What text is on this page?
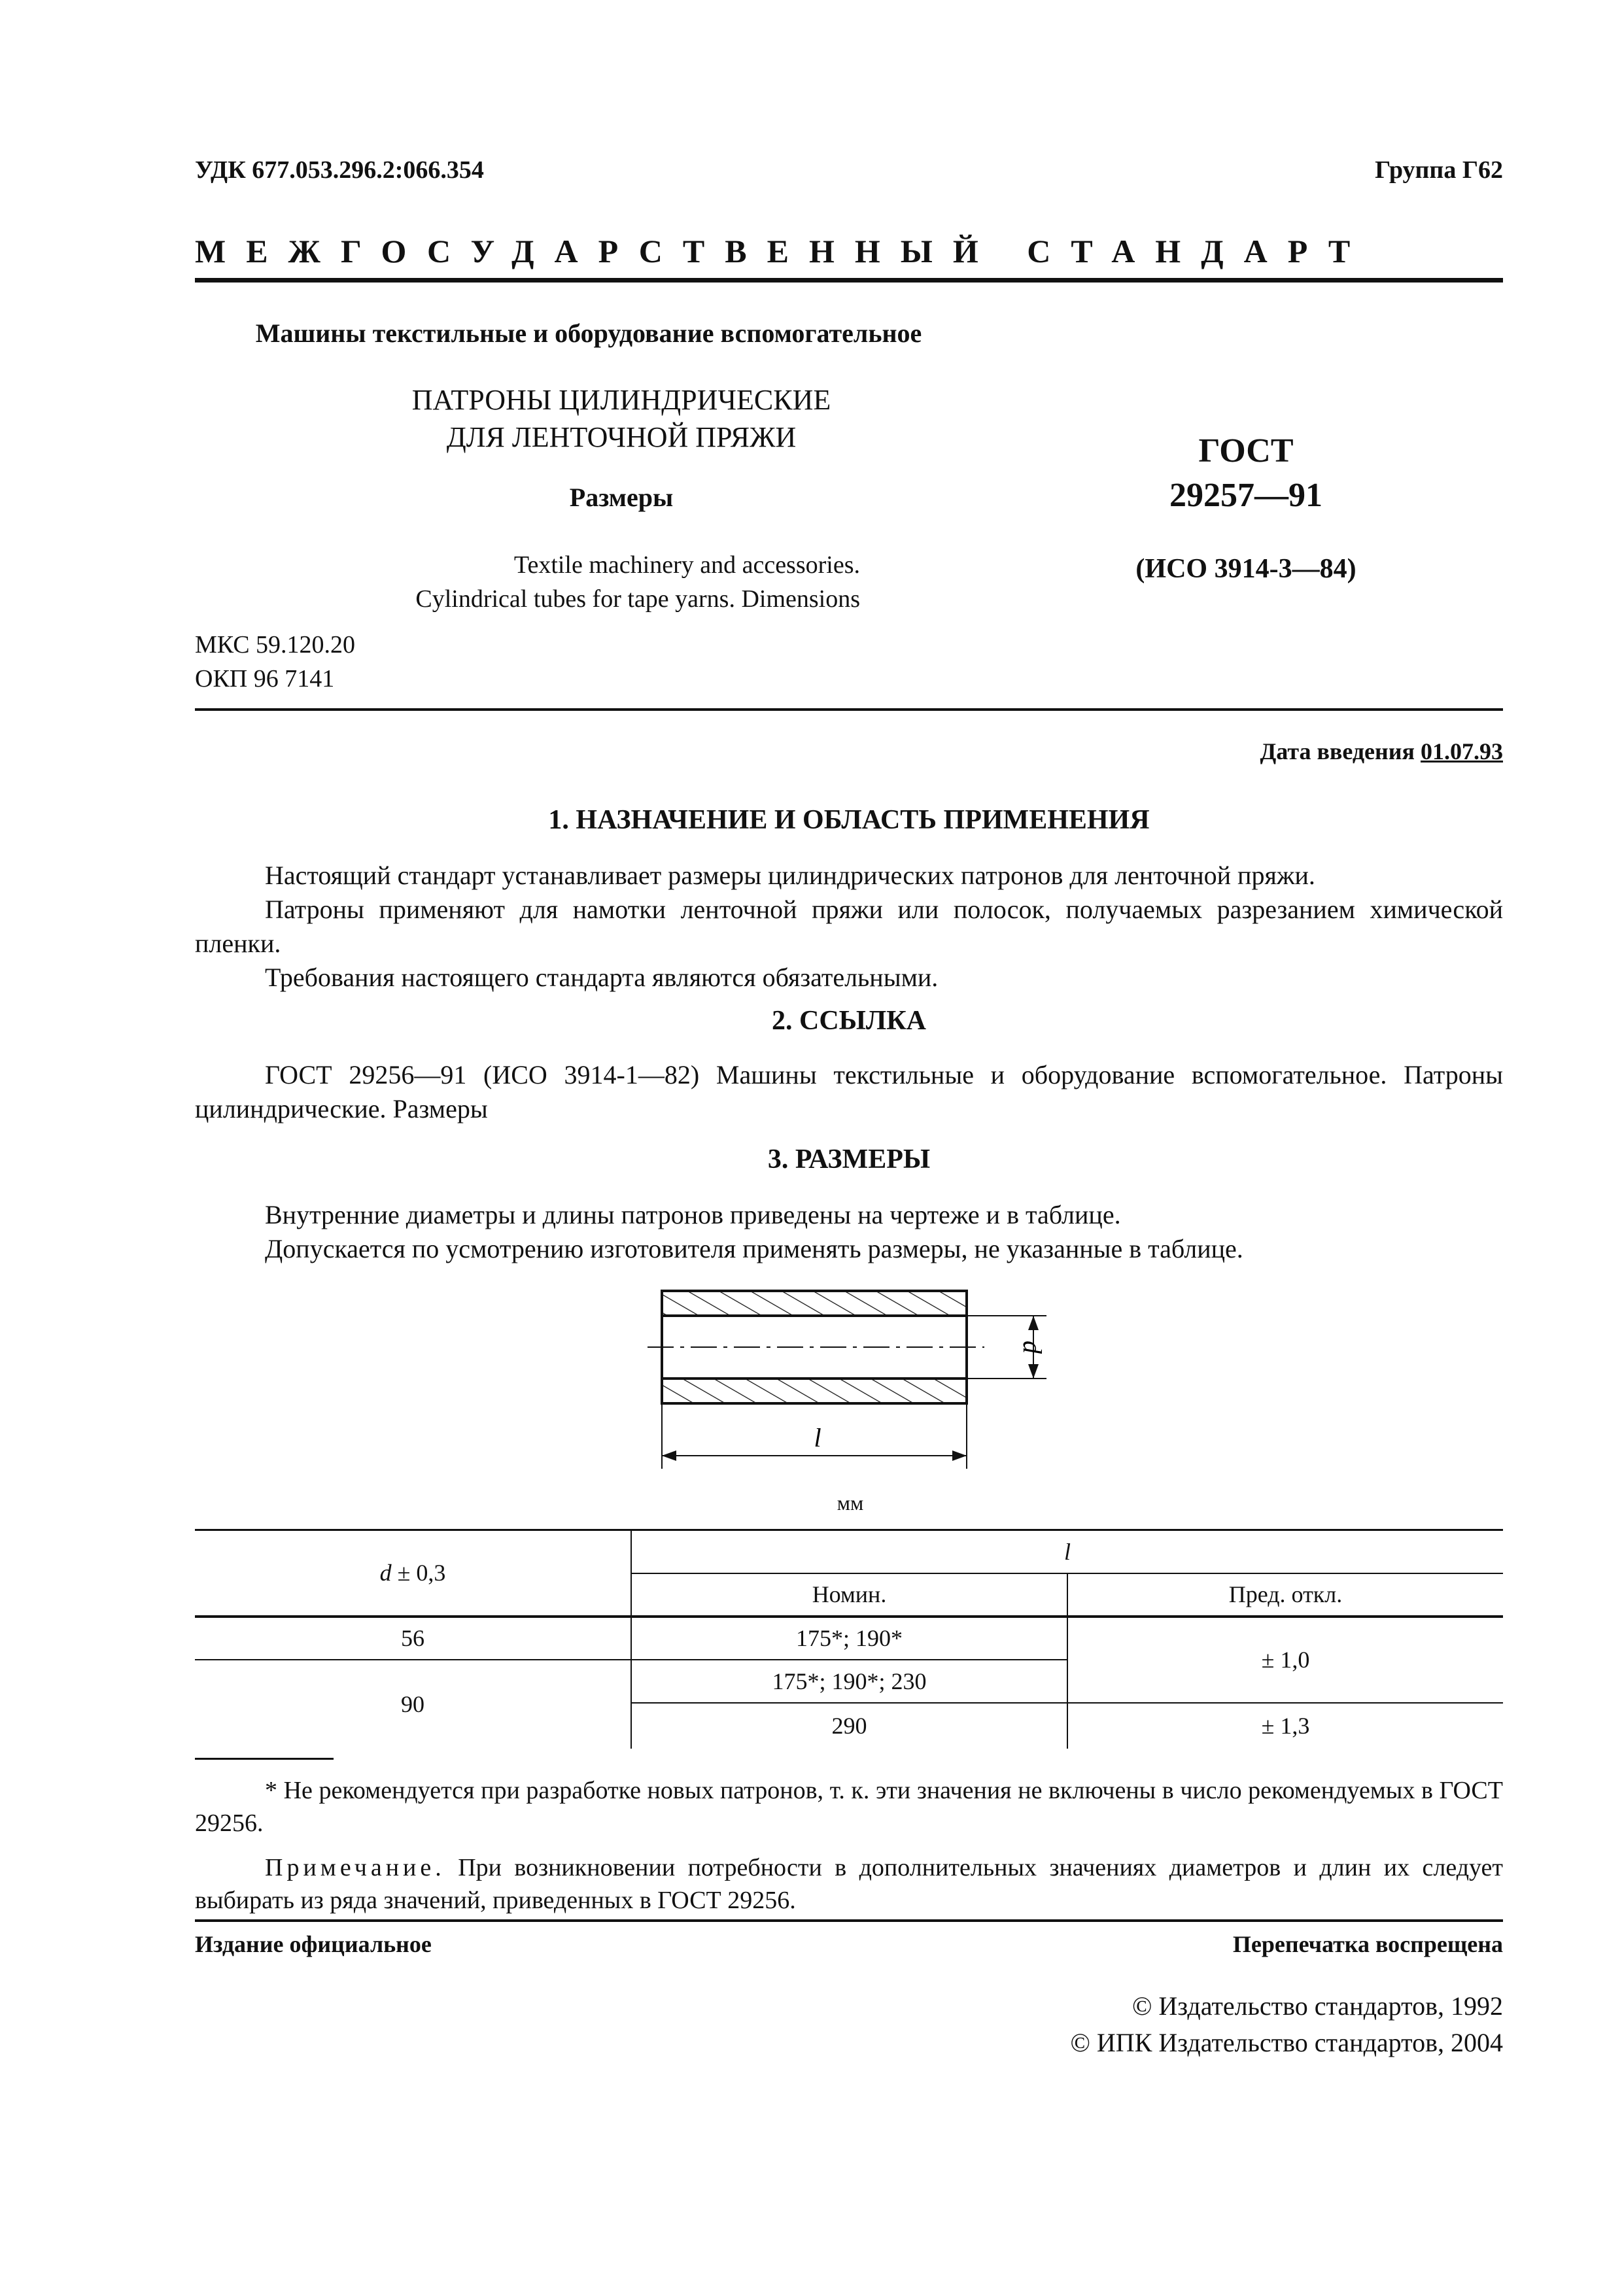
УДК 677.053.296.2:066.354	Группа Г62
МЕЖГОСУДАРСТВЕННЫЙ СТАНДАРТ
Машины текстильные и оборудование вспомогательное
ПАТРОНЫ ЦИЛИНДРИЧЕСКИЕ
ДЛЯ ЛЕНТОЧНОЙ ПРЯЖИ
Размеры
Textile machinery and accessories.
Cylindrical tubes for tape yarns. Dimensions
МКС 59.120.20
ОКП 96 7141
ГОСТ
29257—91
(ИСО 3914-3—84)
Дата введения 01.07.93
1. НАЗНАЧЕНИЕ И ОБЛАСТЬ ПРИМЕНЕНИЯ

Настоящий стандарт устанавливает размеры цилиндрических патронов для ленточной пряжи.

Патроны применяют для намотки ленточной пряжи или полосок, получаемых разрезанием химической пленки.

Требования настоящего стандарта являются обязательными.

2. ССЫЛКА

ГОСТ 29256—91 (ИСО 3914-1—82) Машины текстильные и оборудование вспомогательное. Патроны цилиндрические. Размеры

3. РАЗМЕРЫ

Внутренние диаметры и длины патронов приведены на чертеже и в таблице.

Допускается по усмотрению изготовителя применять размеры, не указанные в таблице.

d
l
мм
d ± 0,3	l	
	Номин.	Пред. откл.
56	175*; 190*	± 1,0
90	175*; 190*; 230	
	290	± 1,3

* Не рекомендуется при разработке новых патронов, т. к. эти значения не включены в число рекомендуемых в ГОСТ 29256.

Примечание. При возникновении потребности в дополнительных значениях диаметров и длин их следует выбирать из ряда значений, приведенных в ГОСТ 29256.

Издание официальное	Перепечатка воспрещена
© Издательство стандартов, 1992
© ИПК Издательство стандартов, 2004
